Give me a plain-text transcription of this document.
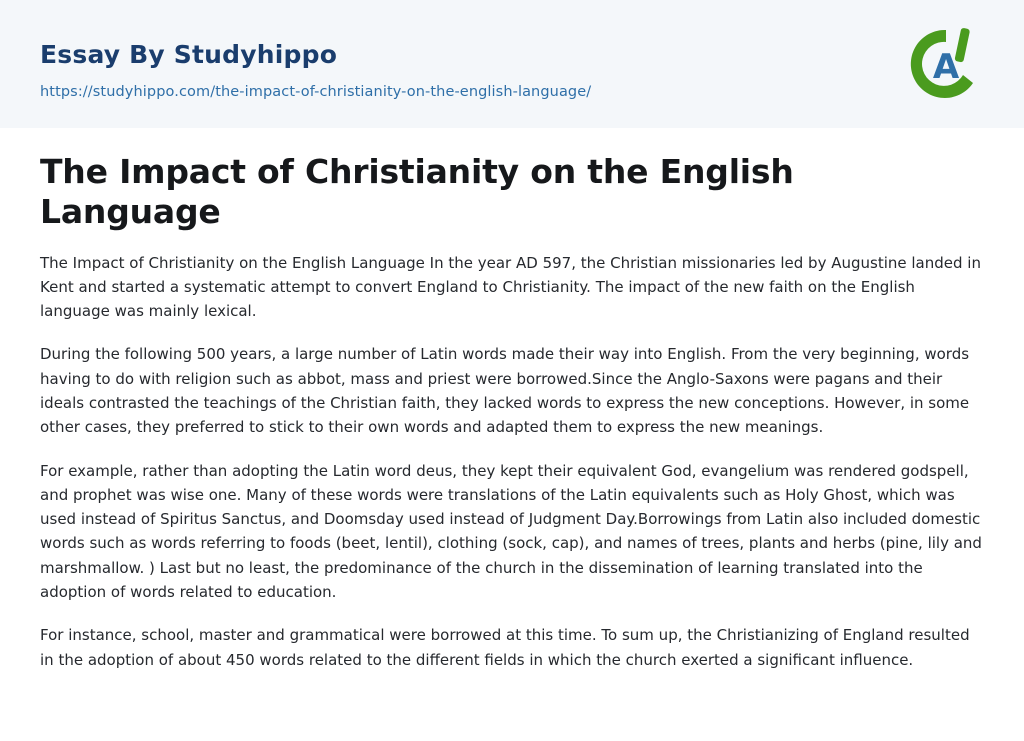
Essay By Studyhippo
https://studyhippo.com/the-impact-of-christianity-on-the-english-language/
A
The Impact of Christianity on the English Language

The Impact of Christianity on the English Language In the year AD 597, the Christian missionaries led by Augustine landed in Kent and started a systematic attempt to convert England to Christianity. The impact of the new faith on the English language was mainly lexical.

During the following 500 years, a large number of Latin words made their way into English. From the very beginning, words having to do with religion such as abbot, mass and priest were borrowed.Since the Anglo-Saxons were pagans and their ideals contrasted the teachings of the Christian faith, they lacked words to express the new conceptions. However, in some other cases, they preferred to stick to their own words and adapted them to express the new meanings.

For example, rather than adopting the Latin word deus, they kept their equivalent God, evangelium was rendered godspell, and prophet was wise one. Many of these words were translations of the Latin equivalents such as Holy Ghost, which was used instead of Spiritus Sanctus, and Doomsday used instead of Judgment Day.Borrowings from Latin also included domestic words such as words referring to foods (beet, lentil), clothing (sock, cap), and names of trees, plants and herbs (pine, lily and marshmallow. ) Last but no least, the predominance of the church in the dissemination of learning translated into the adoption of words related to education.

For instance, school, master and grammatical were borrowed at this time. To sum up, the Christianizing of England resulted in the adoption of about 450 words related to the different fields in which the church exerted a significant influence.
